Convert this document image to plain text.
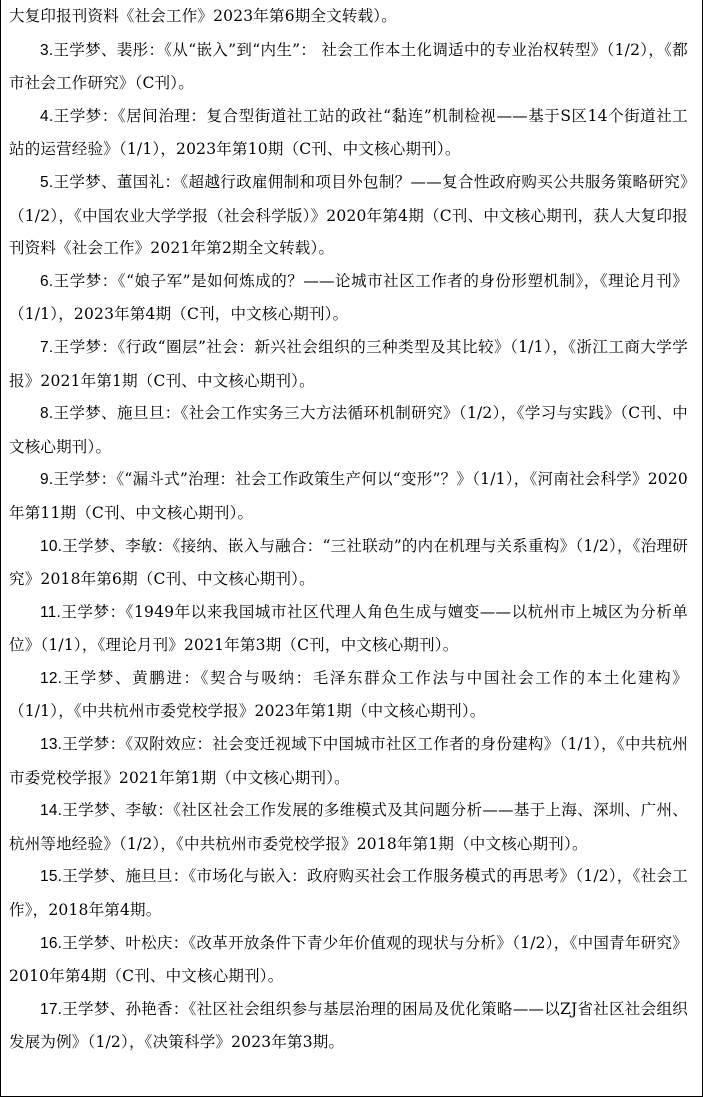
大复印报刊资料《社会工作》2023年第6期全文转载）。

3.王学梦、裴彤：《从“嵌入”到“内生”： 社会工作本土化调适中的专业治权转型》（1/2），《都市社会工作研究》（C刊）。

4.王学梦：《居间治理：复合型街道社工站的政社“黏连”机制检视——基于S区14个街道社工站的运营经验》（1/1），2023年第10期（C刊、中文核心期刊）。

5.王学梦、董国礼：《超越行政雇佣制和项目外包制？——复合性政府购买公共服务策略研究》（1/2），《中国农业大学学报（社会科学版）》2020年第4期（C刊、中文核心期刊，获人大复印报刊资料《社会工作》2021年第2期全文转载）。

6.王学梦：《“娘子军”是如何炼成的？——论城市社区工作者的身份形塑机制》，《理论月刊》（1/1），2023年第4期（C刊，中文核心期刊）。

7.王学梦：《行政“圈层”社会：新兴社会组织的三种类型及其比较》（1/1），《浙江工商大学学报》2021年第1期（C刊、中文核心期刊）。

8.王学梦、施旦旦：《社会工作实务三大方法循环机制研究》（1/2），《学习与实践》（C刊、中文核心期刊）。

9.王学梦：《“漏斗式”治理：社会工作政策生产何以“变形”？》（1/1），《河南社会科学》2020年第11期（C刊、中文核心期刊）。

10.王学梦、李敏：《接纳、嵌入与融合：“三社联动”的内在机理与关系重构》（1/2），《治理研究》2018年第6期（C刊、中文核心期刊）。

11.王学梦：《1949年以来我国城市社区代理人角色生成与嬗变——以杭州市上城区为分析单位》（1/1），《理论月刊》2021年第3期（C刊，中文核心期刊）。

12.王学梦、黄鹏进：《契合与吸纳：毛泽东群众工作法与中国社会工作的本土化建构》（1/1），《中共杭州市委党校学报》2023年第1期（中文核心期刊）。

13.王学梦：《双附效应：社会变迁视域下中国城市社区工作者的身份建构》（1/1），《中共杭州市委党校学报》2021年第1期（中文核心期刊）。

14.王学梦、李敏：《社区社会工作发展的多维模式及其问题分析——基于上海、深圳、广州、杭州等地经验》（1/2），《中共杭州市委党校学报》2018年第1期（中文核心期刊）。

15.王学梦、施旦旦：《市场化与嵌入：政府购买社会工作服务模式的再思考》（1/2），《社会工作》，2018年第4期。

16.王学梦、叶松庆：《改革开放条件下青少年价值观的现状与分析》（1/2），《中国青年研究》2010年第4期（C刊、中文核心期刊）。

17.王学梦、孙艳香：《社区社会组织参与基层治理的困局及优化策略——以ZJ省社区社会组织发展为例》（1/2），《决策科学》2023年第3期。
